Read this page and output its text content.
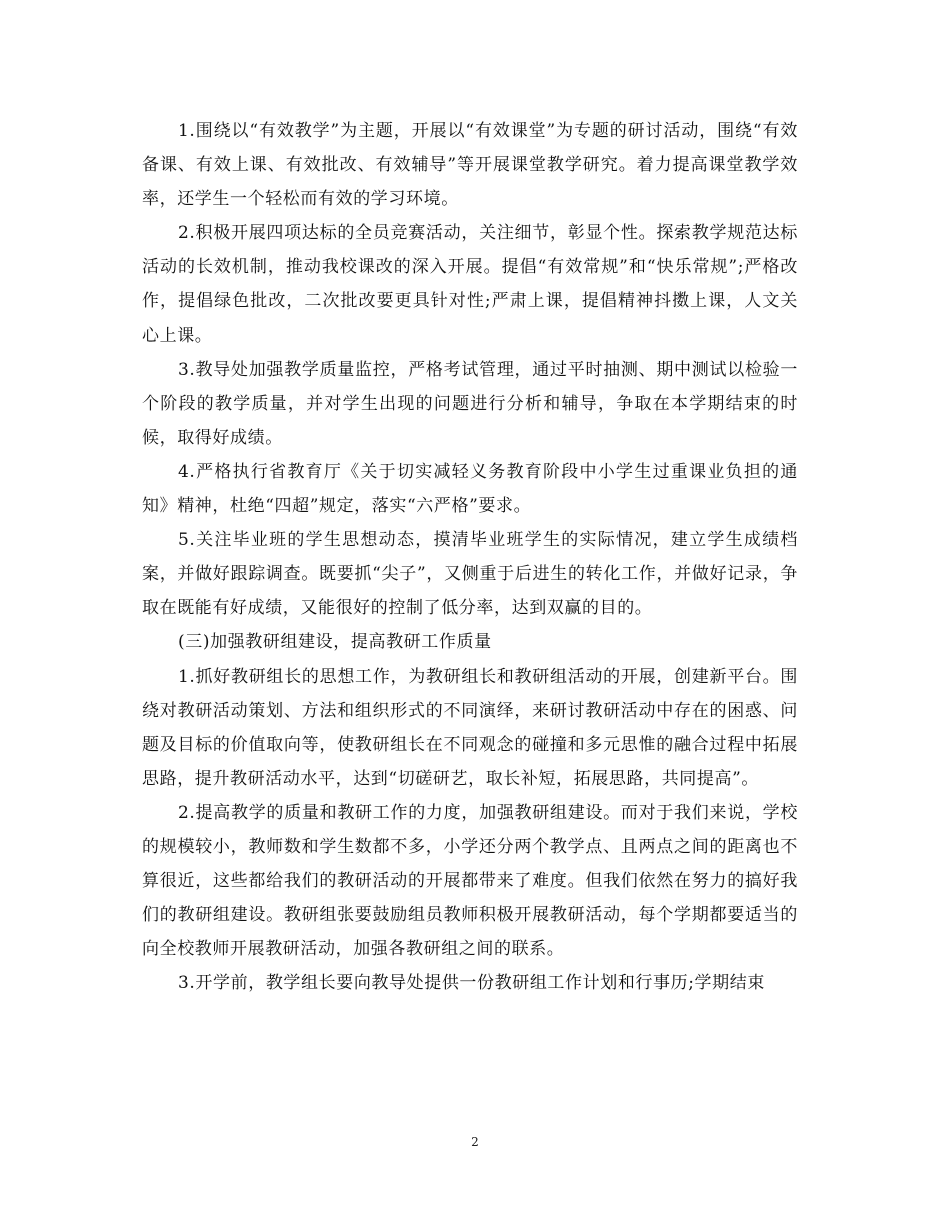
1.围绕以“有效教学”为主题，开展以“有效课堂”为专题的研讨活动，围绕“有效备课、有效上课、有效批改、有效辅导”等开展课堂教学研究。着力提高课堂教学效率，还学生一个轻松而有效的学习环境。

2.积极开展四项达标的全员竞赛活动，关注细节，彰显个性。探索教学规范达标活动的长效机制，推动我校课改的深入开展。提倡“有效常规”和“快乐常规”;严格改作，提倡绿色批改，二次批改要更具针对性;严肃上课，提倡精神抖擞上课，人文关心上课。

3.教导处加强教学质量监控，严格考试管理，通过平时抽测、期中测试以检验一个阶段的教学质量，并对学生出现的问题进行分析和辅导，争取在本学期结束的时候，取得好成绩。

4.严格执行省教育厅《关于切实减轻义务教育阶段中小学生过重课业负担的通知》精神，杜绝“四超”规定，落实“六严格”要求。

5.关注毕业班的学生思想动态，摸清毕业班学生的实际情况，建立学生成绩档案，并做好跟踪调查。既要抓“尖子”，又侧重于后进生的转化工作，并做好记录，争取在既能有好成绩，又能很好的控制了低分率，达到双赢的目的。

(三)加强教研组建设，提高教研工作质量

1.抓好教研组长的思想工作，为教研组长和教研组活动的开展，创建新平台。围绕对教研活动策划、方法和组织形式的不同演绎，来研讨教研活动中存在的困惑、问题及目标的价值取向等，使教研组长在不同观念的碰撞和多元思惟的融合过程中拓展思路，提升教研活动水平，达到“切磋研艺，取长补短，拓展思路，共同提高”。

2.提高教学的质量和教研工作的力度，加强教研组建设。而对于我们来说，学校的规模较小，教师数和学生数都不多，小学还分两个教学点、且两点之间的距离也不算很近，这些都给我们的教研活动的开展都带来了难度。但我们依然在努力的搞好我们的教研组建设。教研组张要鼓励组员教师积极开展教研活动，每个学期都要适当的向全校教师开展教研活动，加强各教研组之间的联系。

3.开学前，教学组长要向教导处提供一份教研组工作计划和行事历;学期结束

2
